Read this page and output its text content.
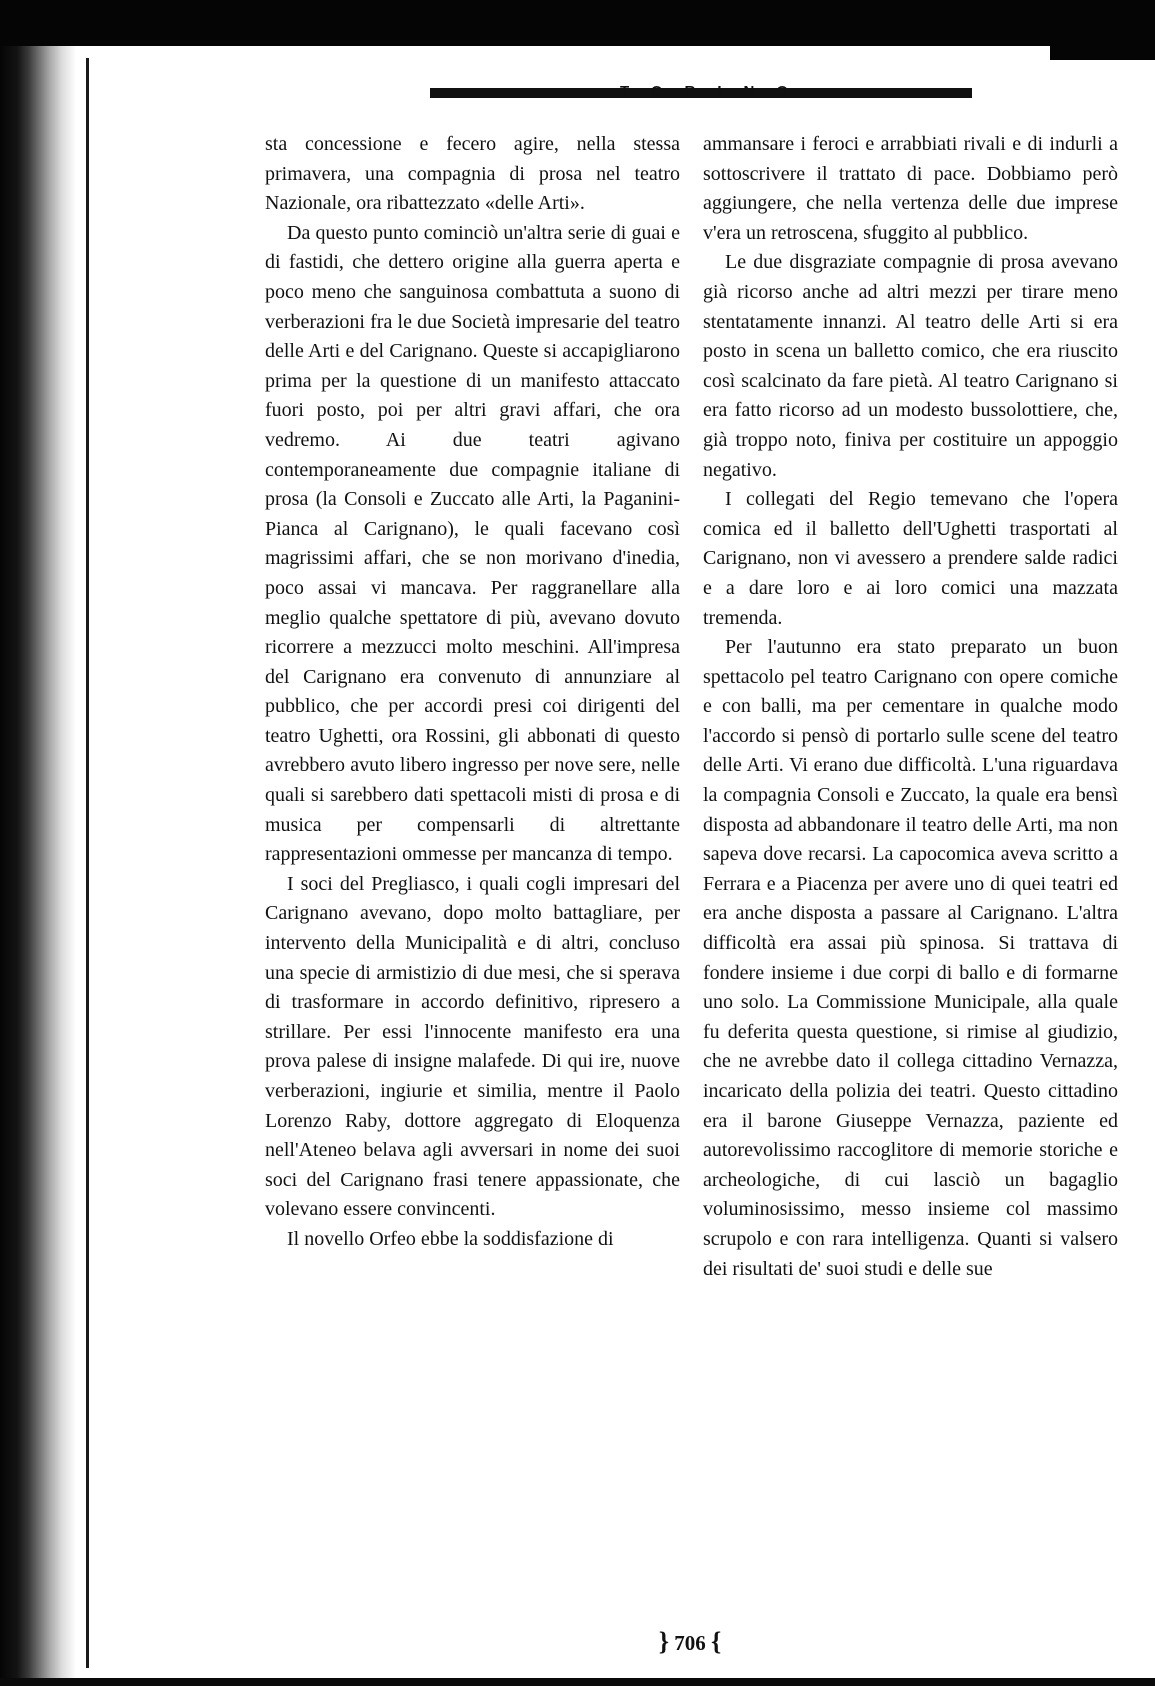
TORINO

sta concessione e fecero agire, nella stessa primavera, una compagnia di prosa nel teatro Nazionale, ora ribattezzato «delle Arti».

Da questo punto cominciò un'altra serie di guai e di fastidi, che dettero origine alla guerra aperta e poco meno che sanguinosa combattuta a suono di verberazioni fra le due Società impresarie del teatro delle Arti e del Carignano. Queste si accapigliarono prima per la questione di un manifesto attaccato fuori posto, poi per altri gravi affari, che ora vedremo. Ai due teatri agivano contemporaneamente due compagnie italiane di prosa (la Consoli e Zuccato alle Arti, la Paganini-Pianca al Carignano), le quali facevano così magrissimi affari, che se non morivano d'inedia, poco assai vi mancava. Per raggranellare alla meglio qualche spettatore di più, avevano dovuto ricorrere a mezzucci molto meschini. All'impresa del Carignano era convenuto di annunziare al pubblico, che per accordi presi coi dirigenti del teatro Ughetti, ora Rossini, gli abbonati di questo avrebbero avuto libero ingresso per nove sere, nelle quali si sarebbero dati spettacoli misti di prosa e di musica per compensarli di altrettante rappresentazioni ommesse per mancanza di tempo.

I soci del Pregliasco, i quali cogli impresari del Carignano avevano, dopo molto battagliare, per intervento della Municipalità e di altri, concluso una specie di armistizio di due mesi, che si sperava di trasformare in accordo definitivo, ripresero a strillare. Per essi l'innocente manifesto era una prova palese di insigne malafede. Di qui ire, nuove verberazioni, ingiurie et similia, mentre il Paolo Lorenzo Raby, dottore aggregato di Eloquenza nell'Ateneo belava agli avversari in nome dei suoi soci del Carignano frasi tenere appassionate, che volevano essere convincenti.

Il novello Orfeo ebbe la soddisfazione di

ammansare i feroci e arrabbiati rivali e di indurli a sottoscrivere il trattato di pace. Dobbiamo però aggiungere, che nella vertenza delle due imprese v'era un retroscena, sfuggito al pubblico.

Le due disgraziate compagnie di prosa avevano già ricorso anche ad altri mezzi per tirare meno stentatamente innanzi. Al teatro delle Arti si era posto in scena un balletto comico, che era riuscito così scalcinato da fare pietà. Al teatro Carignano si era fatto ricorso ad un modesto bussolottiere, che, già troppo noto, finiva per costituire un appoggio negativo.

I collegati del Regio temevano che l'opera comica ed il balletto dell'Ughetti trasportati al Carignano, non vi avessero a prendere salde radici e a dare loro e ai loro comici una mazzata tremenda.

Per l'autunno era stato preparato un buon spettacolo pel teatro Carignano con opere comiche e con balli, ma per cementare in qualche modo l'accordo si pensò di portarlo sulle scene del teatro delle Arti. Vi erano due difficoltà. L'una riguardava la compagnia Consoli e Zuccato, la quale era bensì disposta ad abbandonare il teatro delle Arti, ma non sapeva dove recarsi. La capocomica aveva scritto a Ferrara e a Piacenza per avere uno di quei teatri ed era anche disposta a passare al Carignano. L'altra difficoltà era assai più spinosa. Si trattava di fondere insieme i due corpi di ballo e di formarne uno solo. La Commissione Municipale, alla quale fu deferita questa questione, si rimise al giudizio, che ne avrebbe dato il collega cittadino Vernazza, incaricato della polizia dei teatri. Questo cittadino era il barone Giuseppe Vernazza, paziente ed autorevolissimo raccoglitore di memorie storiche e archeologiche, di cui lasciò un bagaglio voluminosissimo, messo insieme col massimo scrupolo e con rara intelligenza. Quanti si valsero dei risultati de' suoi studi e delle sue

} 706 {
